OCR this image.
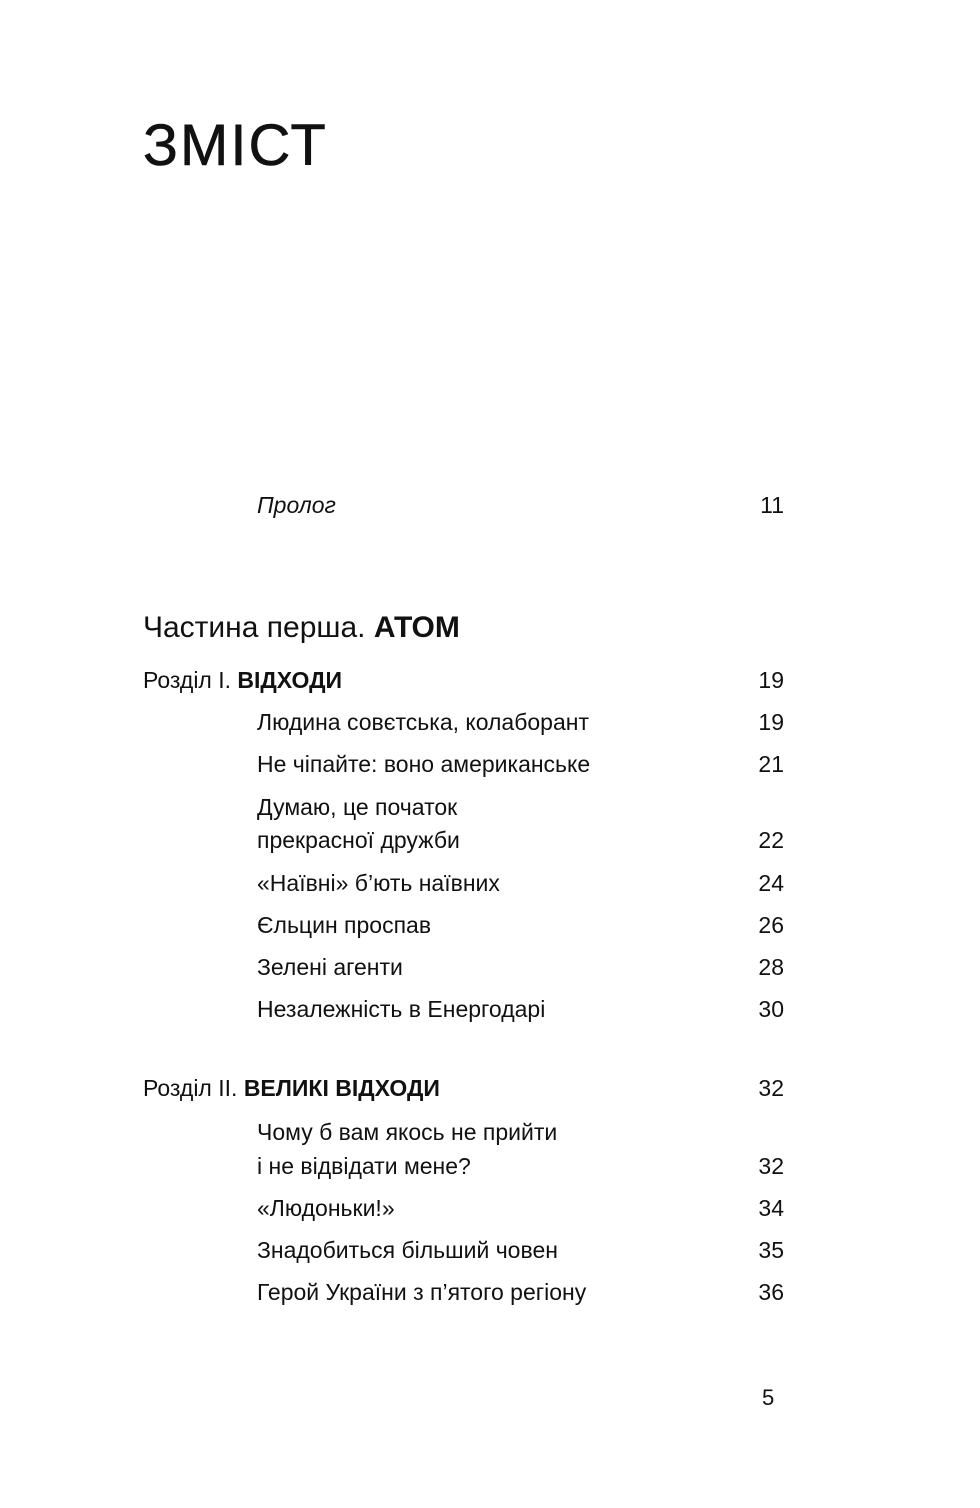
ЗМІСТ
Пролог	11
Частина перша. АТОМ
Розділ I. ВІДХОДИ	19
Людина совєтська, колаборант	19
Не чіпайте: воно американське	21
Думаю, це початок
прекрасної дружби	22
«Наївні» б’ють наївних	24
Єльцин проспав	26
Зелені агенти	28
Незалежність в Енергодарі	30
Розділ II. ВЕЛИКІ ВІДХОДИ	32
Чому б вам якось не прийти
і не відвідати мене?	32
«Людоньки!»	34
Знадобиться більший човен	35
Герой України з п’ятого регіону	36
5
